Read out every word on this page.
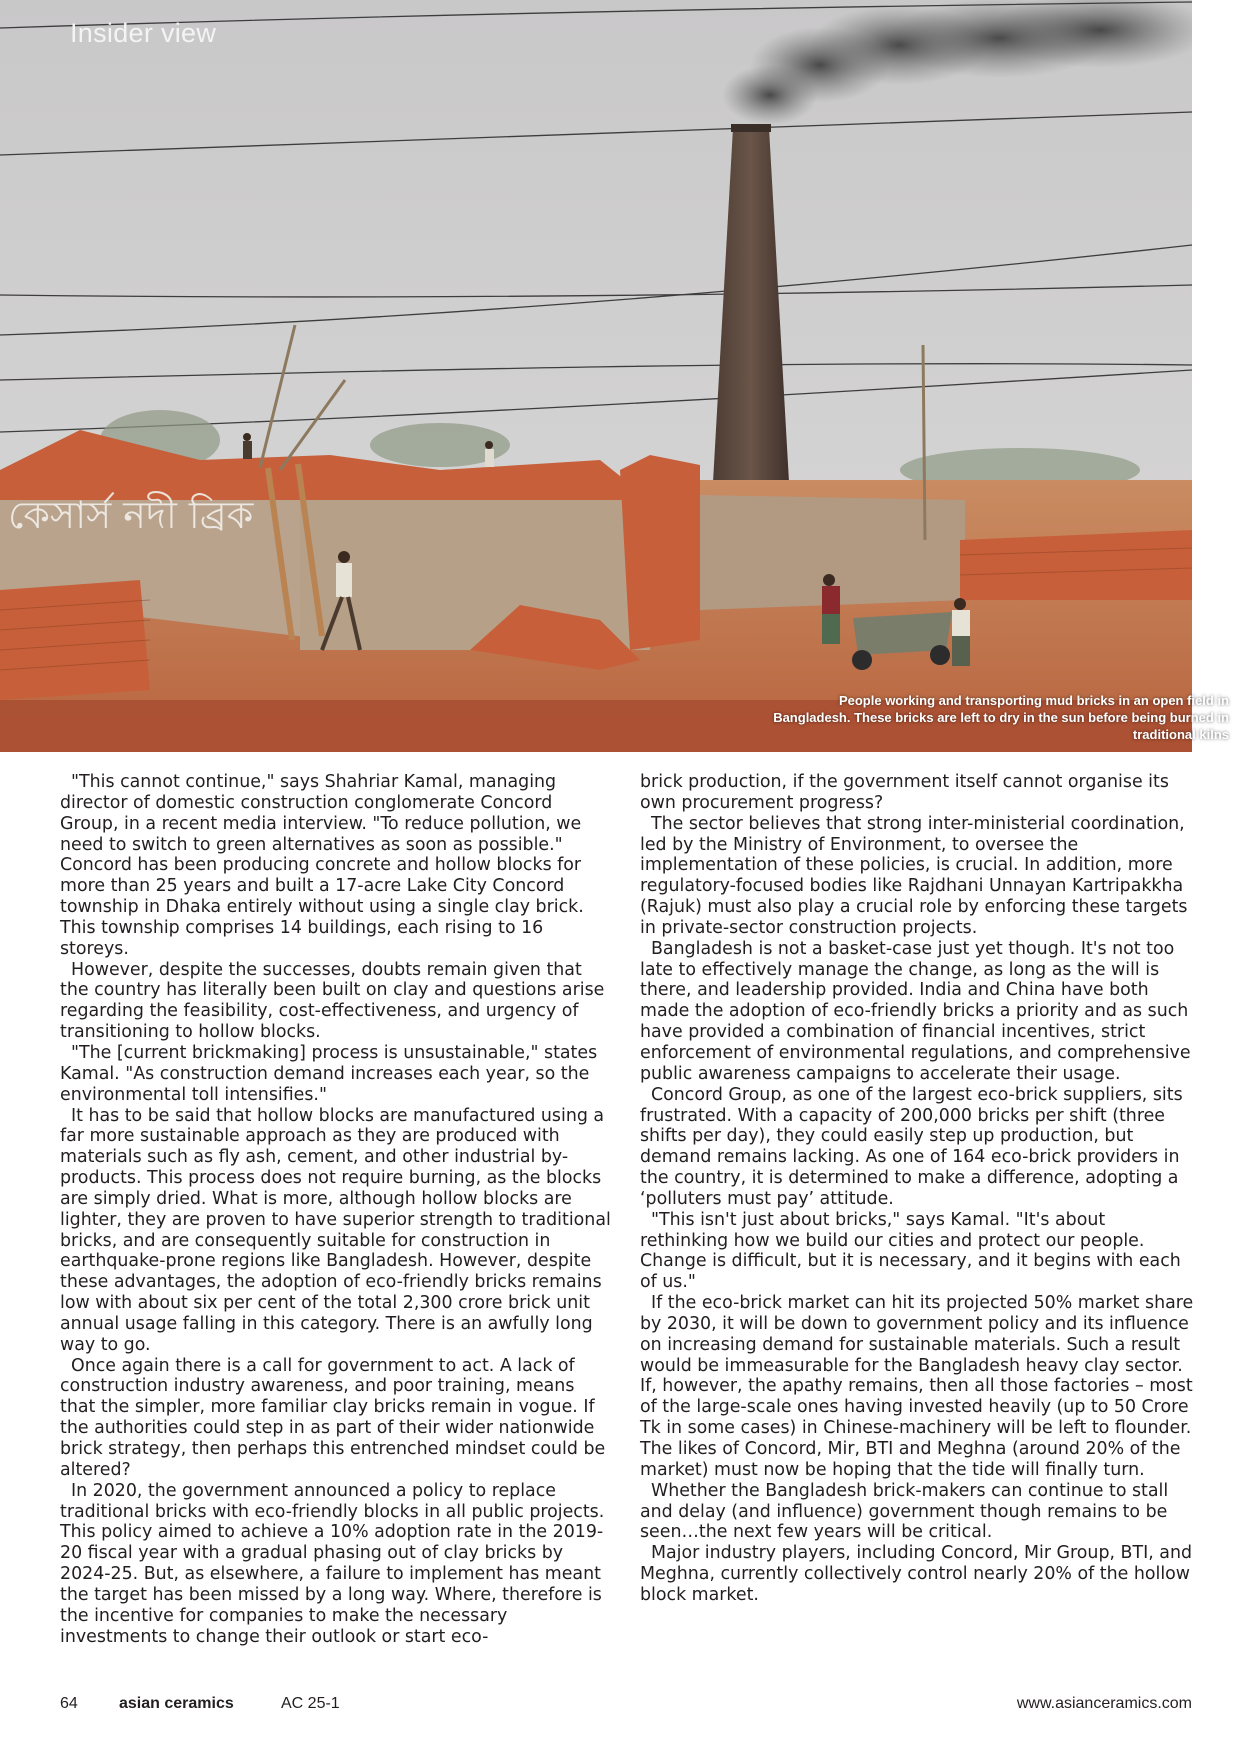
কেসার্স নদী ব্রিক
Insider view
People working and transporting mud bricks in an open field in Bangladesh. These bricks are left to dry in the sun before being burned in traditional kilns

"This cannot continue," says Shahriar Kamal, managing director of domestic construction conglomerate Concord Group, in a recent media interview. "To reduce pollution, we need to switch to green alternatives as soon as possible." Concord has been producing concrete and hollow blocks for more than 25 years and built a 17-acre Lake City Concord township in Dhaka entirely without using a single clay brick. This township comprises 14 buildings, each rising to 16 storeys.

However, despite the successes, doubts remain given that the country has literally been built on clay and questions arise regarding the feasibility, cost-effectiveness, and urgency of transitioning to hollow blocks.

"The [current brickmaking] process is unsustainable," states Kamal. "As construction demand increases each year, so the environmental toll intensifies."

It has to be said that hollow blocks are manufactured using a far more sustainable approach as they are produced with materials such as fly ash, cement, and other industrial by-products. This process does not require burning, as the blocks are simply dried. What is more, although hollow blocks are lighter, they are proven to have superior strength to traditional bricks, and are consequently suitable for construction in earthquake-prone regions like Bangladesh. However, despite these advantages, the adoption of eco-friendly bricks remains low with about six per cent of the total 2,300 crore brick unit annual usage falling in this category. There is an awfully long way to go.

Once again there is a call for government to act. A lack of construction industry awareness, and poor training, means that the simpler, more familiar clay bricks remain in vogue. If the authorities could step in as part of their wider nationwide brick strategy, then perhaps this entrenched mindset could be altered?

In 2020, the government announced a policy to replace traditional bricks with eco-friendly blocks in all public projects. This policy aimed to achieve a 10% adoption rate in the 2019-20 fiscal year with a gradual phasing out of clay bricks by 2024-25. But, as elsewhere, a failure to implement has meant the target has been missed by a long way. Where, therefore is the incentive for companies to make the necessary investments to change their outlook or start eco-

brick production, if the government itself cannot organise its own procurement progress?

The sector believes that strong inter-ministerial coordination, led by the Ministry of Environment, to oversee the implementation of these policies, is crucial. In addition, more regulatory-focused bodies like Rajdhani Unnayan Kartripakkha (Rajuk) must also play a crucial role by enforcing these targets in private-sector construction projects.

Bangladesh is not a basket-case just yet though. It's not too late to effectively manage the change, as long as the will is there, and leadership provided. India and China have both made the adoption of eco-friendly bricks a priority and as such have provided a combination of financial incentives, strict enforcement of environmental regulations, and comprehensive public awareness campaigns to accelerate their usage.

Concord Group, as one of the largest eco-brick suppliers, sits frustrated. With a capacity of 200,000 bricks per shift (three shifts per day), they could easily step up production, but demand remains lacking. As one of 164 eco-brick providers in the country, it is determined to make a difference, adopting a ‘polluters must pay’ attitude.

"This isn't just about bricks," says Kamal. "It's about rethinking how we build our cities and protect our people. Change is difficult, but it is necessary, and it begins with each of us."

If the eco-brick market can hit its projected 50% market share by 2030, it will be down to government policy and its influence on increasing demand for sustainable materials. Such a result would be immeasurable for the Bangladesh heavy clay sector. If, however, the apathy remains, then all those factories – most of the large-scale ones having invested heavily (up to 50 Crore Tk in some cases) in Chinese-machinery will be left to flounder. The likes of Concord, Mir, BTI and Meghna (around 20% of the market) must now be hoping that the tide will finally turn.

Whether the Bangladesh brick-makers can continue to stall and delay (and influence) government though remains to be seen…the next few years will be critical.

Major industry players, including Concord, Mir Group, BTI, and Meghna, currently collectively control nearly 20% of the hollow block market.

64	asian ceramics	AC 25-1	www.asianceramics.com
